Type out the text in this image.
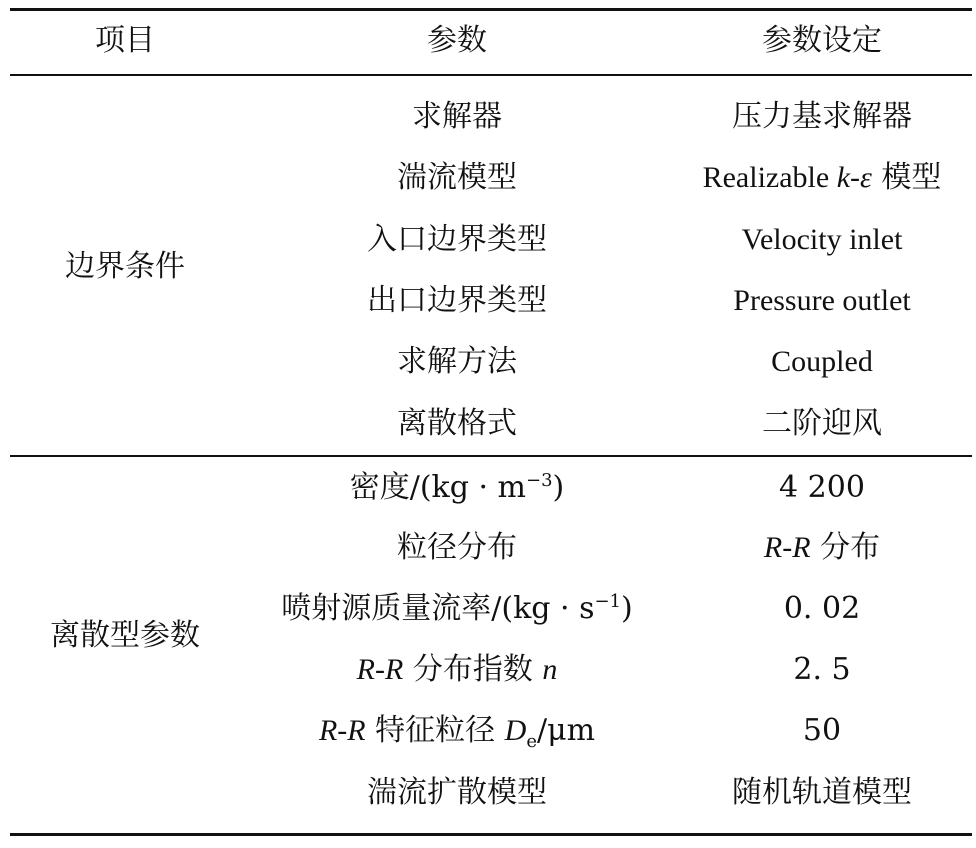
项目	参数	参数设定
边界条件
求解器	压力基求解器
湍流模型	Realizable k-ε 模型
入口边界类型	Velocity inlet
出口边界类型	Pressure outlet
求解方法	Coupled
离散格式	二阶迎风
离散型参数
密度$/(kg \cdot m^{-3})$	4 200
粒径分布	R-R 分布
喷射源质量流率$/(kg \cdot s^{-1})$	0. 02
R-R 分布指数 n	2. 5
R-R 特征粒径 $D_e/\mu m$	50
湍流扩散模型	随机轨道模型
